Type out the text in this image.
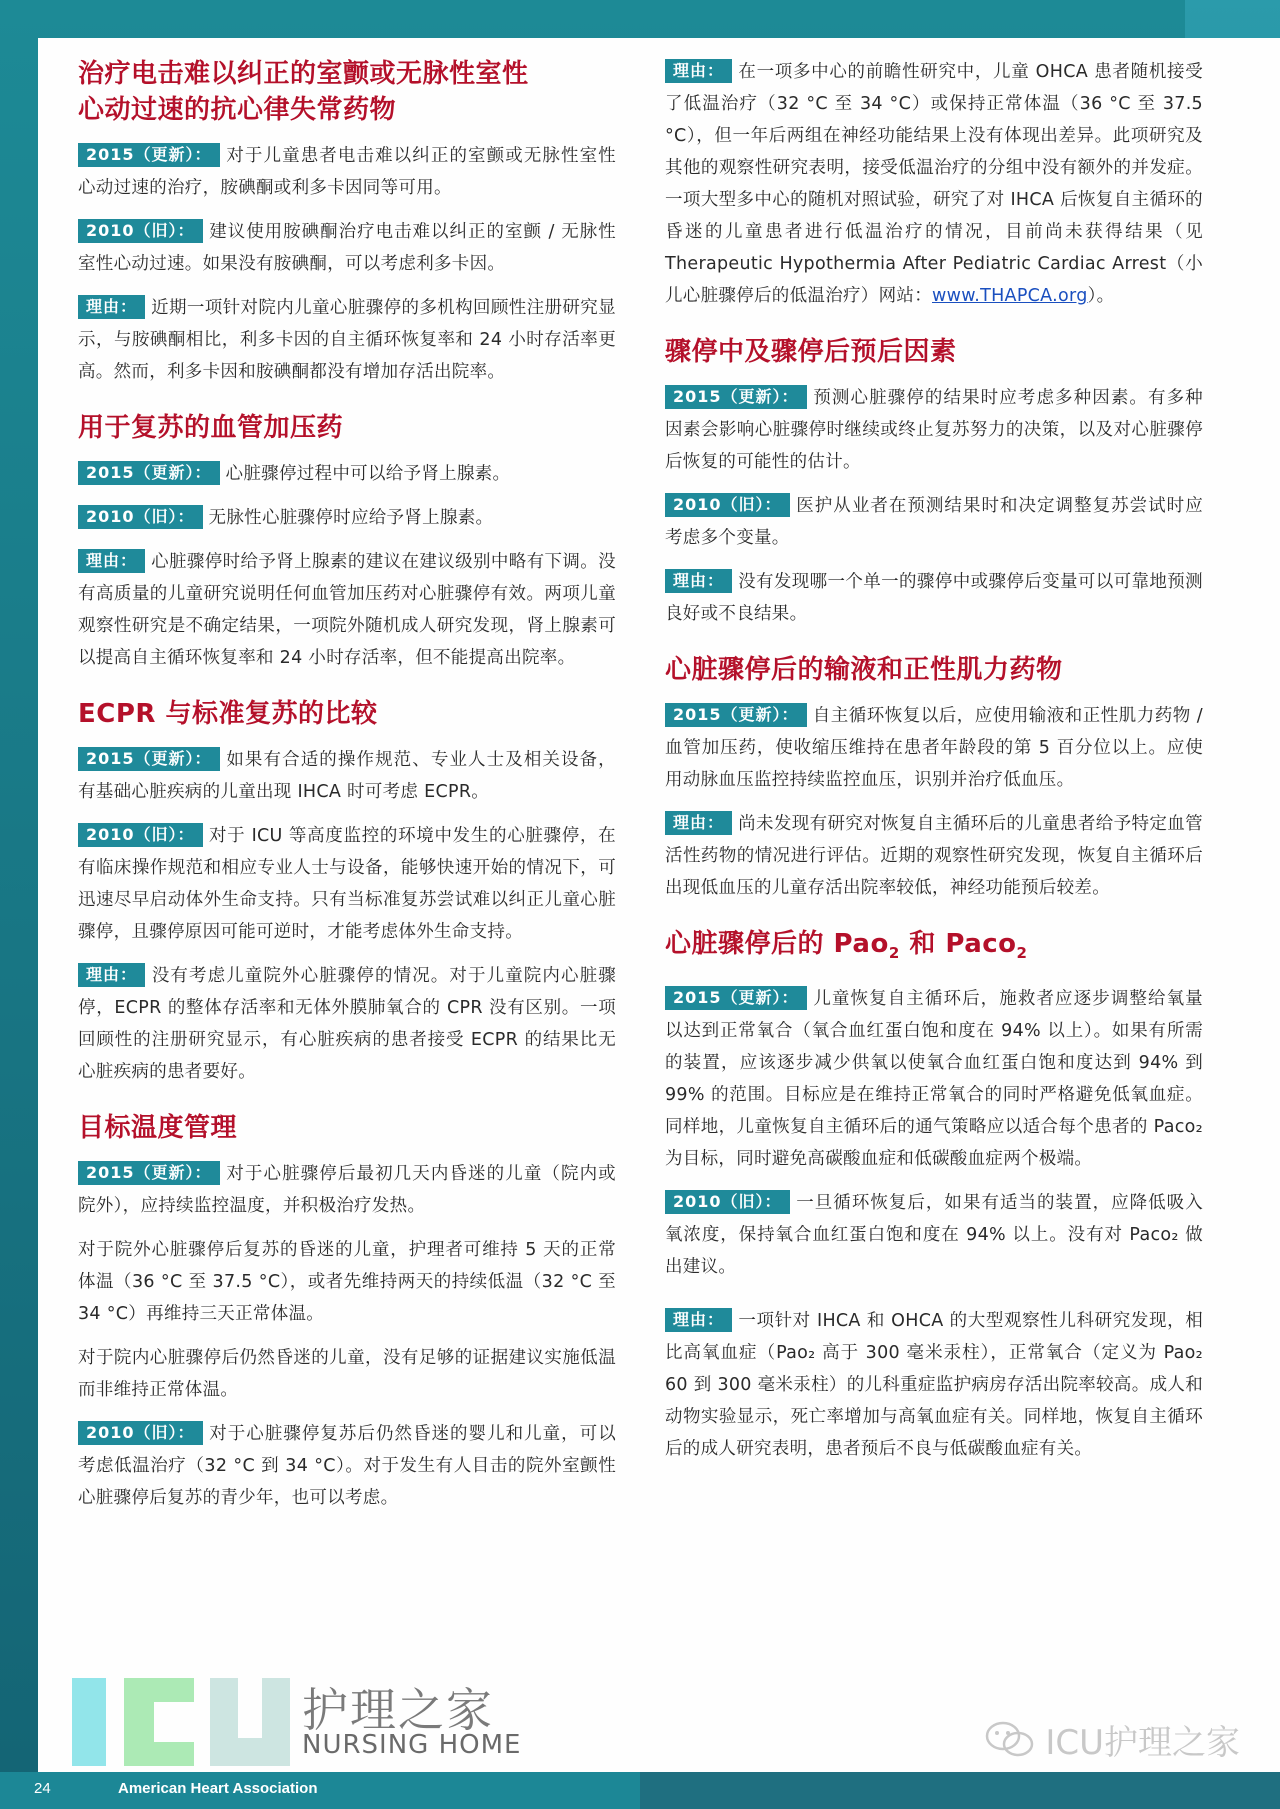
治疗电击难以纠正的室颤或无脉性室性
心动过速的抗心律失常药物

2015（更新）： 对于儿童患者电击难以纠正的室颤或无脉性室性心动过速的治疗，胺碘酮或利多卡因同等可用。

2010（旧）： 建议使用胺碘酮治疗电击难以纠正的室颤 / 无脉性室性心动过速。如果没有胺碘酮，可以考虑利多卡因。

理由： 近期一项针对院内儿童心脏骤停的多机构回顾性注册研究显示，与胺碘酮相比，利多卡因的自主循环恢复率和 24 小时存活率更高。然而，利多卡因和胺碘酮都没有增加存活出院率。

用于复苏的血管加压药

2015（更新）： 心脏骤停过程中可以给予肾上腺素。

2010（旧）： 无脉性心脏骤停时应给予肾上腺素。

理由： 心脏骤停时给予肾上腺素的建议在建议级别中略有下调。没有高质量的儿童研究说明任何血管加压药对心脏骤停有效。两项儿童观察性研究是不确定结果，一项院外随机成人研究发现，肾上腺素可以提高自主循环恢复率和 24 小时存活率，但不能提高出院率。

ECPR 与标准复苏的比较

2015（更新）： 如果有合适的操作规范、专业人士及相关设备，有基础心脏疾病的儿童出现 IHCA 时可考虑 ECPR。

2010（旧）： 对于 ICU 等高度监控的环境中发生的心脏骤停，在有临床操作规范和相应专业人士与设备，能够快速开始的情况下，可迅速尽早启动体外生命支持。只有当标准复苏尝试难以纠正儿童心脏骤停，且骤停原因可能可逆时，才能考虑体外生命支持。

理由： 没有考虑儿童院外心脏骤停的情况。对于儿童院内心脏骤停，ECPR 的整体存活率和无体外膜肺氧合的 CPR 没有区别。一项回顾性的注册研究显示，有心脏疾病的患者接受 ECPR 的结果比无心脏疾病的患者要好。

目标温度管理

2015（更新）： 对于心脏骤停后最初几天内昏迷的儿童（院内或院外），应持续监控温度，并积极治疗发热。

对于院外心脏骤停后复苏的昏迷的儿童，护理者可维持 5 天的正常体温（36 °C 至 37.5 °C），或者先维持两天的持续低温（32 °C 至 34 °C）再维持三天正常体温。

对于院内心脏骤停后仍然昏迷的儿童，没有足够的证据建议实施低温而非维持正常体温。

2010（旧）： 对于心脏骤停复苏后仍然昏迷的婴儿和儿童，可以考虑低温治疗（32 °C 到 34 °C）。对于发生有人目击的院外室颤性心脏骤停后复苏的青少年，也可以考虑。

理由： 在一项多中心的前瞻性研究中，儿童 OHCA 患者随机接受了低温治疗（32 °C 至 34 °C）或保持正常体温（36 °C 至 37.5 °C），但一年后两组在神经功能结果上没有体现出差异。此项研究及其他的观察性研究表明，接受低温治疗的分组中没有额外的并发症。一项大型多中心的随机对照试验，研究了对 IHCA 后恢复自主循环的昏迷的儿童患者进行低温治疗的情况，目前尚未获得结果（见 Therapeutic Hypothermia After Pediatric Cardiac Arrest（小儿心脏骤停后的低温治疗）网站：www.THAPCA.org）。

骤停中及骤停后预后因素

2015（更新）： 预测心脏骤停的结果时应考虑多种因素。有多种因素会影响心脏骤停时继续或终止复苏努力的决策，以及对心脏骤停后恢复的可能性的估计。

2010（旧）： 医护从业者在预测结果时和决定调整复苏尝试时应考虑多个变量。

理由： 没有发现哪一个单一的骤停中或骤停后变量可以可靠地预测良好或不良结果。

心脏骤停后的输液和正性肌力药物

2015（更新）： 自主循环恢复以后，应使用输液和正性肌力药物 / 血管加压药，使收缩压维持在患者年龄段的第 5 百分位以上。应使用动脉血压监控持续监控血压，识别并治疗低血压。

理由： 尚未发现有研究对恢复自主循环后的儿童患者给予特定血管活性药物的情况进行评估。近期的观察性研究发现，恢复自主循环后出现低血压的儿童存活出院率较低，神经功能预后较差。

心脏骤停后的 Pao$_2$ 和 Paco$_2$

2015（更新）： 儿童恢复自主循环后，施救者应逐步调整给氧量以达到正常氧合（氧合血红蛋白饱和度在 94% 以上）。如果有所需的装置，应该逐步减少供氧以使氧合血红蛋白饱和度达到 94% 到 99% 的范围。目标应是在维持正常氧合的同时严格避免低氧血症。同样地，儿童恢复自主循环后的通气策略应以适合每个患者的 Paco₂ 为目标，同时避免高碳酸血症和低碳酸血症两个极端。

2010（旧）： 一旦循环恢复后，如果有适当的装置，应降低吸入氧浓度，保持氧合血红蛋白饱和度在 94% 以上。没有对 Paco₂ 做出建议。

理由： 一项针对 IHCA 和 OHCA 的大型观察性儿科研究发现，相比高氧血症（Pao₂ 高于 300 毫米汞柱），正常氧合（定义为 Pao₂ 60 到 300 毫米汞柱）的儿科重症监护病房存活出院率较高。成人和动物实验显示，死亡率增加与高氧血症有关。同样地，恢复自主循环后的成人研究表明，患者预后不良与低碳酸血症有关。

护理之家
NURSING HOME	ICU护理之家
24	American Heart Association
